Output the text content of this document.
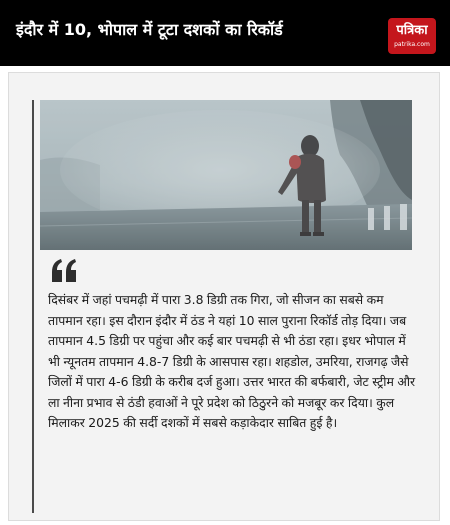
इंदौर में 10, भोपाल में टूटा दशकों का रिकॉर्ड	पत्रिका
patrika.com

दिसंबर में जहां पचमढ़ी में पारा 3.8 डिग्री तक गिरा, जो सीजन का सबसे कम तापमान रहा। इस दौरान इंदौर में ठंड ने यहां 10 साल पुराना रिकॉर्ड तोड़ दिया। जब तापमान 4.5 डिग्री पर पहुंचा और कई बार पचमढ़ी से भी ठंडा रहा। इधर भोपाल में भी न्यूनतम तापमान 4.8-7 डिग्री के आसपास रहा। शहडोल, उमरिया, राजगढ़ जैसे जिलों में पारा 4-6 डिग्री के करीब दर्ज हुआ। उत्तर भारत की बर्फबारी, जेट स्ट्रीम और ला नीना प्रभाव से ठंडी हवाओं ने पूरे प्रदेश को ठिठुरने को मजबूर कर दिया। कुल मिलाकर 2025 की सर्दी दशकों में सबसे कड़ाकेदार साबित हुई है।
